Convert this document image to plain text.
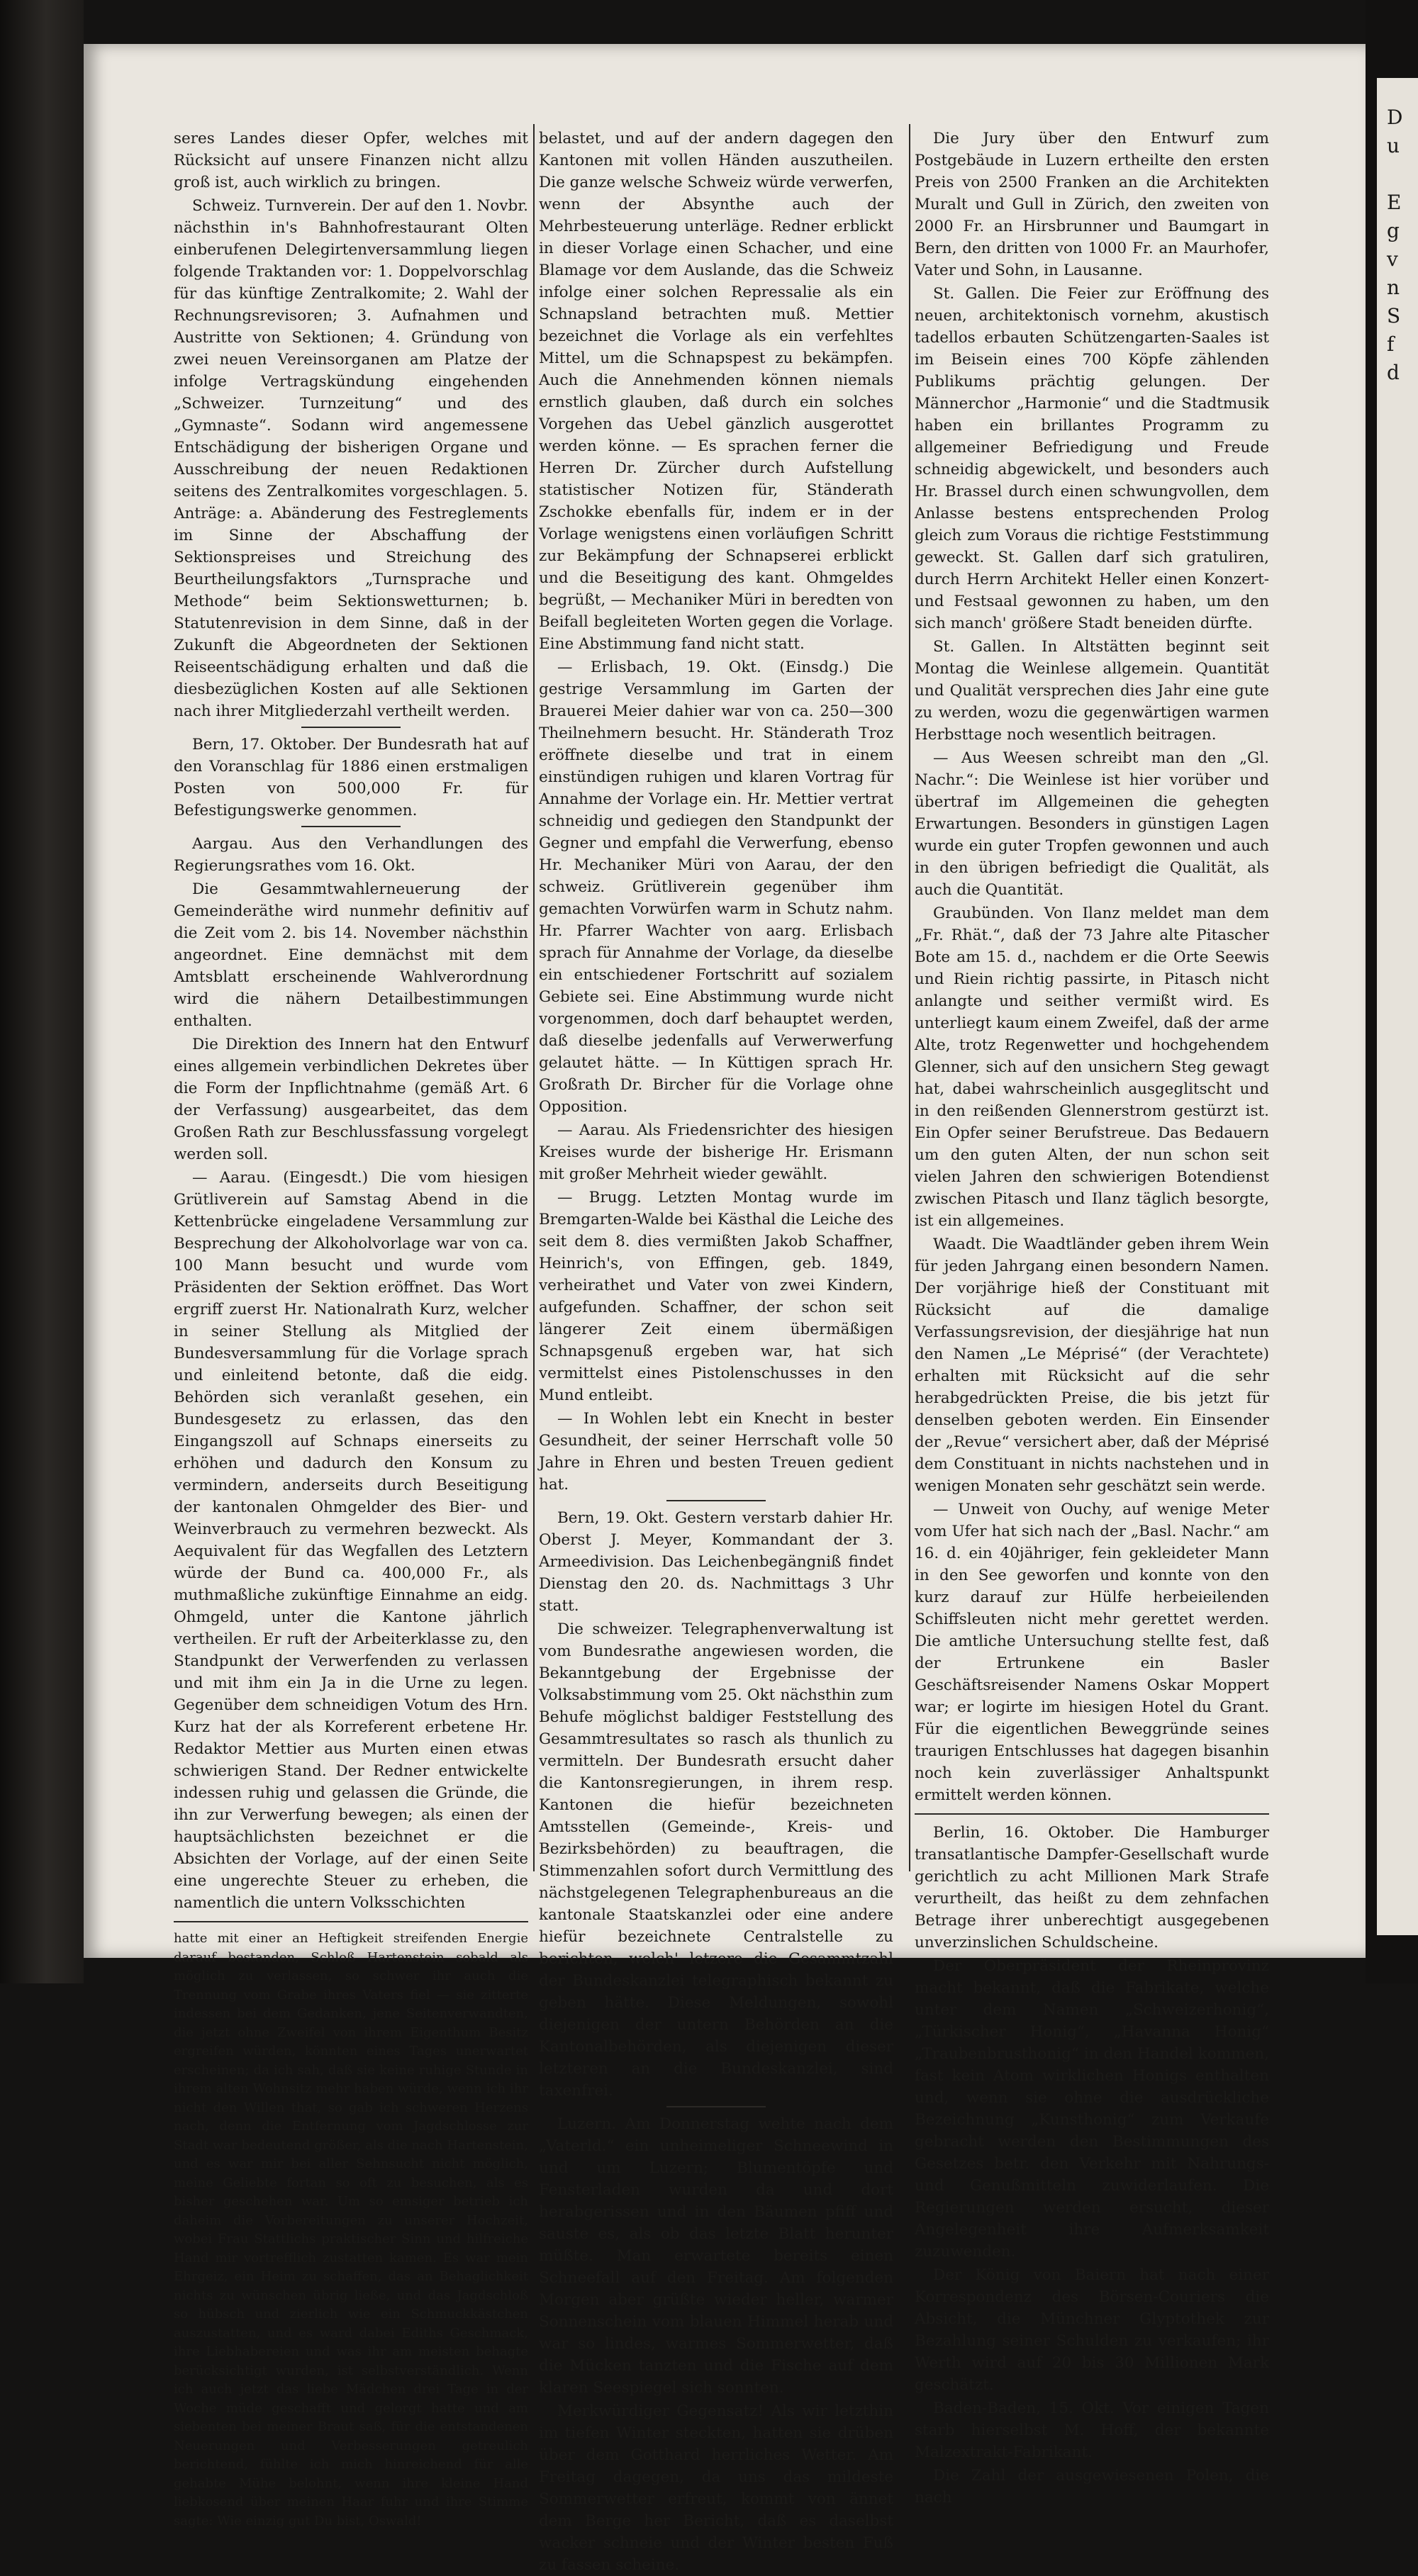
D
u

E
g
v
n
S
f
d

seres Landes dieser Opfer, welches mit Rücksicht auf unsere Finanzen nicht allzu groß ist, auch wirklich zu bringen.

Schweiz. Turnverein. Der auf den 1. Novbr. nächsthin in's Bahnhofrestaurant Olten einberufenen Delegirtenversammlung liegen folgende Traktanden vor: 1. Doppelvorschlag für das künftige Zentralkomite; 2. Wahl der Rechnungsrevisoren; 3. Aufnahmen und Austritte von Sektionen; 4. Gründung von zwei neuen Vereinsorganen am Platze der infolge Vertragskündung eingehenden „Schweizer. Turnzeitung“ und des „Gymnaste“. Sodann wird angemessene Entschädigung der bisherigen Organe und Ausschreibung der neuen Redaktionen seitens des Zentralkomites vorgeschlagen. 5. Anträge: a. Abänderung des Festreglements im Sinne der Abschaffung der Sektionspreises und Streichung des Beurtheilungsfaktors „Turnsprache und Methode“ beim Sektionswetturnen; b. Statutenrevision in dem Sinne, daß in der Zukunft die Abgeordneten der Sektionen Reiseentschädigung erhalten und daß die diesbezüglichen Kosten auf alle Sektionen nach ihrer Mitgliederzahl vertheilt werden.

Bern, 17. Oktober. Der Bundesrath hat auf den Voranschlag für 1886 einen erstmaligen Posten von 500,000 Fr. für Befestigungswerke genommen.

Aargau. Aus den Verhandlungen des Regierungsrathes vom 16. Okt.

Die Gesammtwahlerneuerung der Gemeinderäthe wird nunmehr definitiv auf die Zeit vom 2. bis 14. November nächsthin angeordnet. Eine demnächst mit dem Amtsblatt erscheinende Wahlverordnung wird die nähern Detailbestimmungen enthalten.

Die Direktion des Innern hat den Entwurf eines allgemein verbindlichen Dekretes über die Form der Inpflichtnahme (gemäß Art. 6 der Verfassung) ausgearbeitet, das dem Großen Rath zur Beschlussfassung vorgelegt werden soll.

— Aarau. (Eingesdt.) Die vom hiesigen Grütliverein auf Samstag Abend in die Kettenbrücke eingeladene Versammlung zur Besprechung der Alkoholvorlage war von ca. 100 Mann besucht und wurde vom Präsidenten der Sektion eröffnet. Das Wort ergriff zuerst Hr. Nationalrath Kurz, welcher in seiner Stellung als Mitglied der Bundesversammlung für die Vorlage sprach und einleitend betonte, daß die eidg. Behörden sich veranlaßt gesehen, ein Bundesgesetz zu erlassen, das den Eingangszoll auf Schnaps einerseits zu erhöhen und dadurch den Konsum zu vermindern, anderseits durch Beseitigung der kantonalen Ohmgelder des Bier- und Weinverbrauch zu vermehren bezweckt. Als Aequivalent für das Wegfallen des Letztern würde der Bund ca. 400,000 Fr., als muthmaßliche zukünftige Einnahme an eidg. Ohmgeld, unter die Kantone jährlich vertheilen. Er ruft der Arbeiterklasse zu, den Standpunkt der Verwerfenden zu verlassen und mit ihm ein Ja in die Urne zu legen. Gegenüber dem schneidigen Votum des Hrn. Kurz hat der als Korreferent erbetene Hr. Redaktor Mettier aus Murten einen etwas schwierigen Stand. Der Redner entwickelte indessen ruhig und gelassen die Gründe, die ihn zur Verwerfung bewegen; als einen der hauptsächlichsten bezeichnet er die Absichten der Vorlage, auf der einen Seite eine ungerechte Steuer zu erheben, die namentlich die untern Volksschichten

hatte mit einer an Heftigkeit streifenden Energie darauf bestanden, Schloß Hartenstein sobald als möglich zu verlassen, so schwer ihr auch die Trennung vom Grabe ihres Vaters fiel — sie zitterte indessen bei dem Gedanken, jene Seitenverwandten, die jetzt ohne Zweifel von ihrem Eigenthum Besitz ergreifen würden, könnten eines Tages unerwartet erscheinen; da ich sah, daß sie keine ruhige Stunde in ihrem alten Wohnsitz mehr haben würde, wenn ich ihr nicht den Willen that, so gab ich schweren Herzens nach, denn die Entfernung vom Jagdschlosse zur Stadt war bedeutend größer, als die nach Hartenstein, und es war mir bei aller Sehnsucht nicht möglich, meine Geliebte fortan so oft zu besuchen, als es bisher geschehen war. Um so emsiger betrieb ich daheim die Vorbereitungen zu unserer Hochzeit, wobei Frau Stattlichs praktischer Sinn und hilfreiche Hand mir vortrefflich zustatten kamen. Es war mein Ehrgeiz, ein Heim zu schaffen, das an Behaglichkeit nichts zu wünschen übrig ließe, und das Jagdschloß so hübsch und zierlich wie ein Schmuckkästchen auszustatten, und es ward dabei Ediths Geschmack, ihre Liebhabereien und was ihr am meisten behagte berücksichtigt wurden, ist selbstverständlich. Wenn ich auch jetzt das liebe Mädchen drei Tage in der Woche müde geschafft und gelorgt hatte und am siebenten bei meiner Braut saß, für die entstandenen Neuerungen und Verbesserungen getreulich berichtend, fühlte ich mich hinreichend für alle gehabte Mühe belohnt, wenn ihre kleine Hand liebkosend über meinen Haar fuhr und ihre Stimme sagte: Wie einzig gut Du bist, Oswald!

belastet, und auf der andern dagegen den Kantonen mit vollen Händen auszutheilen. Die ganze welsche Schweiz würde verwerfen, wenn der Absynthe auch der Mehrbesteuerung unterläge. Redner erblickt in dieser Vorlage einen Schacher, und eine Blamage vor dem Auslande, das die Schweiz infolge einer solchen Repressalie als ein Schnapsland betrachten muß. Mettier bezeichnet die Vorlage als ein verfehltes Mittel, um die Schnapspest zu bekämpfen. Auch die Annehmenden können niemals ernstlich glauben, daß durch ein solches Vorgehen das Uebel gänzlich ausgerottet werden könne. — Es sprachen ferner die Herren Dr. Zürcher durch Aufstellung statistischer Notizen für, Ständerath Zschokke ebenfalls für, indem er in der Vorlage wenigstens einen vorläufigen Schritt zur Bekämpfung der Schnapserei erblickt und die Beseitigung des kant. Ohmgeldes begrüßt, — Mechaniker Müri in beredten von Beifall begleiteten Worten gegen die Vorlage. Eine Abstimmung fand nicht statt.

— Erlisbach, 19. Okt. (Einsdg.) Die gestrige Versammlung im Garten der Brauerei Meier dahier war von ca. 250—300 Theilnehmern besucht. Hr. Ständerath Troz eröffnete dieselbe und trat in einem einstündigen ruhigen und klaren Vortrag für Annahme der Vorlage ein. Hr. Mettier vertrat schneidig und gediegen den Standpunkt der Gegner und empfahl die Verwerfung, ebenso Hr. Mechaniker Müri von Aarau, der den schweiz. Grütliverein gegenüber ihm gemachten Vorwürfen warm in Schutz nahm. Hr. Pfarrer Wachter von aarg. Erlisbach sprach für Annahme der Vorlage, da dieselbe ein entschiedener Fortschritt auf sozialem Gebiete sei. Eine Abstimmung wurde nicht vorgenommen, doch darf behauptet werden, daß dieselbe jedenfalls auf Verwerwerfung gelautet hätte. — In Küttigen sprach Hr. Großrath Dr. Bircher für die Vorlage ohne Opposition.

— Aarau. Als Friedensrichter des hiesigen Kreises wurde der bisherige Hr. Erismann mit großer Mehrheit wieder gewählt.

— Brugg. Letzten Montag wurde im Bremgarten-Walde bei Kästhal die Leiche des seit dem 8. dies vermißten Jakob Schaffner, Heinrich's, von Effingen, geb. 1849, verheirathet und Vater von zwei Kindern, aufgefunden. Schaffner, der schon seit längerer Zeit einem übermäßigen Schnapsgenuß ergeben war, hat sich vermittelst eines Pistolenschusses in den Mund entleibt.

— In Wohlen lebt ein Knecht in bester Gesundheit, der seiner Herrschaft volle 50 Jahre in Ehren und besten Treuen gedient hat.

Bern, 19. Okt. Gestern verstarb dahier Hr. Oberst J. Meyer, Kommandant der 3. Armeedivision. Das Leichenbegängniß findet Dienstag den 20. ds. Nachmittags 3 Uhr statt.

Die schweizer. Telegraphenverwaltung ist vom Bundesrathe angewiesen worden, die Bekanntgebung der Ergebnisse der Volksabstimmung vom 25. Okt nächsthin zum Behufe möglichst baldiger Feststellung des Gesammtresultates so rasch als thunlich zu vermitteln. Der Bundesrath ersucht daher die Kantonsregierungen, in ihrem resp. Kantonen die hiefür bezeichneten Amtsstellen (Gemeinde-, Kreis- und Bezirksbehörden) zu beauftragen, die Stimmenzahlen sofort durch Vermittlung des nächstgelegenen Telegraphenbureaus an die kantonale Staatskanzlei oder eine andere hiefür bezeichnete Centralstelle zu berichten, welch' letzere die Gesammtzahl der Bundeskanzlei telegraphisch bekannt zu geben hätte. Diese Meldungen, sowohl diejenigen der untern Behörden an die Kantonalbehörden, als diejenigen dieser letzteren an die Bundeskanzlei, sind taxenfrei.

Luzern. Am Donnerstag wehte nach dem „Vaterld.“ ein unheimeliger Schneewind in und um Luzern; Blumentöpfe und Fensterladen wurden da und dort herabgerissen und in den Bäumen pfiff und sauste es, als ob das letzte Blatt herunter müßte. Man erwartete bereits einen Schneefall auf den Freitag. Am folgenden Morgen aber grüßte wieder heller, warmer Sonnenschein vom blauen Himmel herab und war so lindes, warmes Sommerwetter, daß die Mücken tanzten und die Fische auf dem klaren Seespiegel sich sonnten.

Merkwürdiger Gegensatz! Als wir letzthin im tiefen Winter steckten, hatten sie drüben über dem Gotthard herrliches Wetter. Am Freitag dagegen, da uns das mildeste Sommerwetter erfreut, kommt von ännet dem Berge her Bericht, daß es daselbst wacker schneie und der Winter besten Fuß zu fassen scheine.

Die Jury über den Entwurf zum Postgebäude in Luzern ertheilte den ersten Preis von 2500 Franken an die Architekten Muralt und Gull in Zürich, den zweiten von 2000 Fr. an Hirsbrunner und Baumgart in Bern, den dritten von 1000 Fr. an Maurhofer, Vater und Sohn, in Lausanne.

St. Gallen. Die Feier zur Eröffnung des neuen, architektonisch vornehm, akustisch tadellos erbauten Schützengarten-Saales ist im Beisein eines 700 Köpfe zählenden Publikums prächtig gelungen. Der Männerchor „Harmonie“ und die Stadtmusik haben ein brillantes Programm zu allgemeiner Befriedigung und Freude schneidig abgewickelt, und besonders auch Hr. Brassel durch einen schwungvollen, dem Anlasse bestens entsprechenden Prolog gleich zum Voraus die richtige Feststimmung geweckt. St. Gallen darf sich gratuliren, durch Herrn Architekt Heller einen Konzert- und Festsaal gewonnen zu haben, um den sich manch' größere Stadt beneiden dürfte.

St. Gallen. In Altstätten beginnt seit Montag die Weinlese allgemein. Quantität und Qualität versprechen dies Jahr eine gute zu werden, wozu die gegenwärtigen warmen Herbsttage noch wesentlich beitragen.

— Aus Weesen schreibt man den „Gl. Nachr.“: Die Weinlese ist hier vorüber und übertraf im Allgemeinen die gehegten Erwartungen. Besonders in günstigen Lagen wurde ein guter Tropfen gewonnen und auch in den übrigen befriedigt die Qualität, als auch die Quantität.

Graubünden. Von Ilanz meldet man dem „Fr. Rhät.“, daß der 73 Jahre alte Pitascher Bote am 15. d., nachdem er die Orte Seewis und Riein richtig passirte, in Pitasch nicht anlangte und seither vermißt wird. Es unterliegt kaum einem Zweifel, daß der arme Alte, trotz Regenwetter und hochgehendem Glenner, sich auf den unsichern Steg gewagt hat, dabei wahrscheinlich ausgeglitscht und in den reißenden Glennerstrom gestürzt ist. Ein Opfer seiner Berufstreue. Das Bedauern um den guten Alten, der nun schon seit vielen Jahren den schwierigen Botendienst zwischen Pitasch und Ilanz täglich besorgte, ist ein allgemeines.

Waadt. Die Waadtländer geben ihrem Wein für jeden Jahrgang einen besondern Namen. Der vorjährige hieß der Constituant mit Rücksicht auf die damalige Verfassungsrevision, der diesjährige hat nun den Namen „Le Méprisé“ (der Verachtete) erhalten mit Rücksicht auf die sehr herabgedrückten Preise, die bis jetzt für denselben geboten werden. Ein Einsender der „Revue“ versichert aber, daß der Méprisé dem Constituant in nichts nachstehen und in wenigen Monaten sehr geschätzt sein werde.

— Unweit von Ouchy, auf wenige Meter vom Ufer hat sich nach der „Basl. Nachr.“ am 16. d. ein 40jähriger, fein gekleideter Mann in den See geworfen und konnte von den kurz darauf zur Hülfe herbeieilenden Schiffsleuten nicht mehr gerettet werden. Die amtliche Untersuchung stellte fest, daß der Ertrunkene ein Basler Geschäftsreisender Namens Oskar Moppert war; er logirte im hiesigen Hotel du Grant. Für die eigentlichen Beweggründe seines traurigen Entschlusses hat dagegen bisanhin noch kein zuverlässiger Anhaltspunkt ermittelt werden können.

Berlin, 16. Oktober. Die Hamburger transatlantische Dampfer-Gesellschaft wurde gerichtlich zu acht Millionen Mark Strafe verurtheilt, das heißt zu dem zehnfachen Betrage ihrer unberechtigt ausgegebenen unverzinslichen Schuldscheine.

Der Oberpräsident der Rheinprovinz macht bekannt, daß die Fabrikate, welche unter dem Namen „Schweizerhonig“, „Türkischer Honig“, „Havanna Honig“ „Traubenbrusthonig“ in den Handel kommen, fast kein Atom wirklichen Honigs enthalten und, wenn sie ohne die ausdrückliche Bezeichnung „Kunsthonig“ zum Verkaufe gebracht werden den Bestimmungen des Gesetzes betr. den Verkehr mit Nahrungs- und Genußmitteln zuwiderlaufen. Die Regierungen werden ersucht, dieser Angelegenheit ihre Aufmerksamkeit zuzuwenden.

Der König von Baiern hat nach einer Korrespondenz des Börsen-Couriers die Absicht, die Münchner Glyptothek zur Bezahlung seiner Schulden zu verkaufen; ihr Werth wird auf 20 bis 30 Millionen Mark geschätzt.

Baden-Baden, 15. Okt. Vor einigen Tagen starb hierselbst M. Hoff, der bekannte Malzextrakt-Fabrikant.

Die Zahl der ausgewiesenen Polen, die nach
